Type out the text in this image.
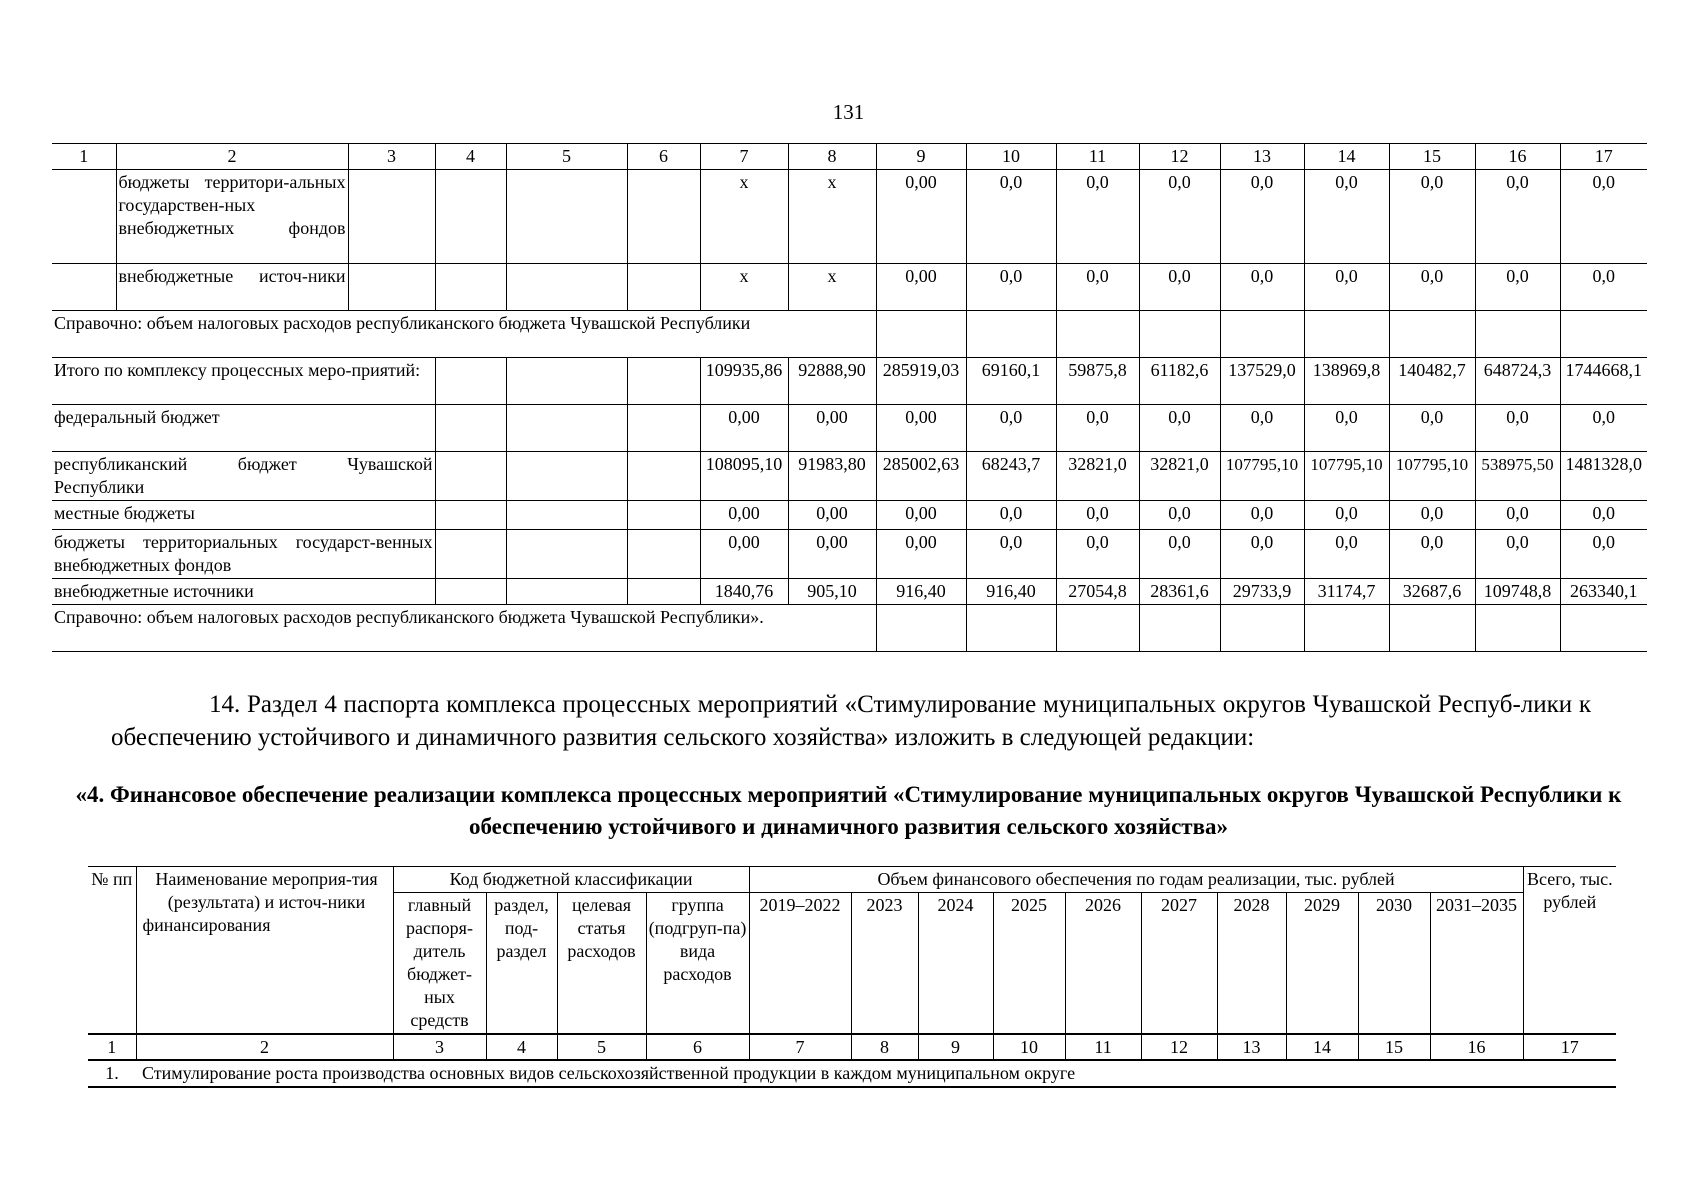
131
1	2	3	4	5	6	7	8	9	10	11	12	13	14	15	16	17
	бюджеты территори-альных государствен-ных внебюджетных фондов					x	x	0,00	0,0	0,0	0,0	0,0	0,0	0,0	0,0	0,0
	внебюджетные источ-ники					x	x	0,00	0,0	0,0	0,0	0,0	0,0	0,0	0,0	0,0
Справочно: объем налоговых расходов республиканского бюджета Чувашской Республики																
Итого по комплексу процессных меро-приятий:						109935,86	92888,90	285919,03	69160,1	59875,8	61182,6	137529,0	138969,8	140482,7	648724,3	1744668,1
федеральный бюджет						0,00	0,00	0,00	0,0	0,0	0,0	0,0	0,0	0,0	0,0	0,0
республиканский бюджет Чувашской Республики						108095,10	91983,80	285002,63	68243,7	32821,0	32821,0	107795,10	107795,10	107795,10	538975,50	1481328,0
местные бюджеты						0,00	0,00	0,00	0,0	0,0	0,0	0,0	0,0	0,0	0,0	0,0
бюджеты территориальных государст-венных внебюджетных фондов						0,00	0,00	0,00	0,0	0,0	0,0	0,0	0,0	0,0	0,0	0,0
внебюджетные источники						1840,76	905,10	916,40	916,40	27054,8	28361,6	29733,9	31174,7	32687,6	109748,8	263340,1
Справочно: объем налоговых расходов республиканского бюджета Чувашской Республики».																
14. Раздел 4 паспорта комплекса процессных мероприятий «Стимулирование муниципальных округов Чувашской Респуб-лики к обеспечению устойчивого и динамичного развития сельского хозяйства» изложить в следующей редакции:
«4. Финансовое обеспечение реализации комплекса процессных мероприятий «Стимулирование муниципальных округов Чувашской Республики к обеспечению устойчивого и динамичного развития сельского хозяйства»
№ пп	Наименование мероприя-тия (результата) и источ-ники финансирования	Код бюджетной классификации				Объем финансового обеспечения по годам реализации, тыс. рублей										Всего, тыс. рублей
		главный распоря-дитель бюджет-ных средств	раздел, под-раздел	целевая статья расходов	группа (подгруп-па) вида расходов	2019–2022	2023	2024	2025	2026	2027	2028	2029	2030	2031–2035	
1	2	3	4	5	6	7	8	9	10	11	12	13	14	15	16	17
1.	Стимулирование роста производства основных видов сельскохозяйственной продукции в каждом муниципальном округе															
